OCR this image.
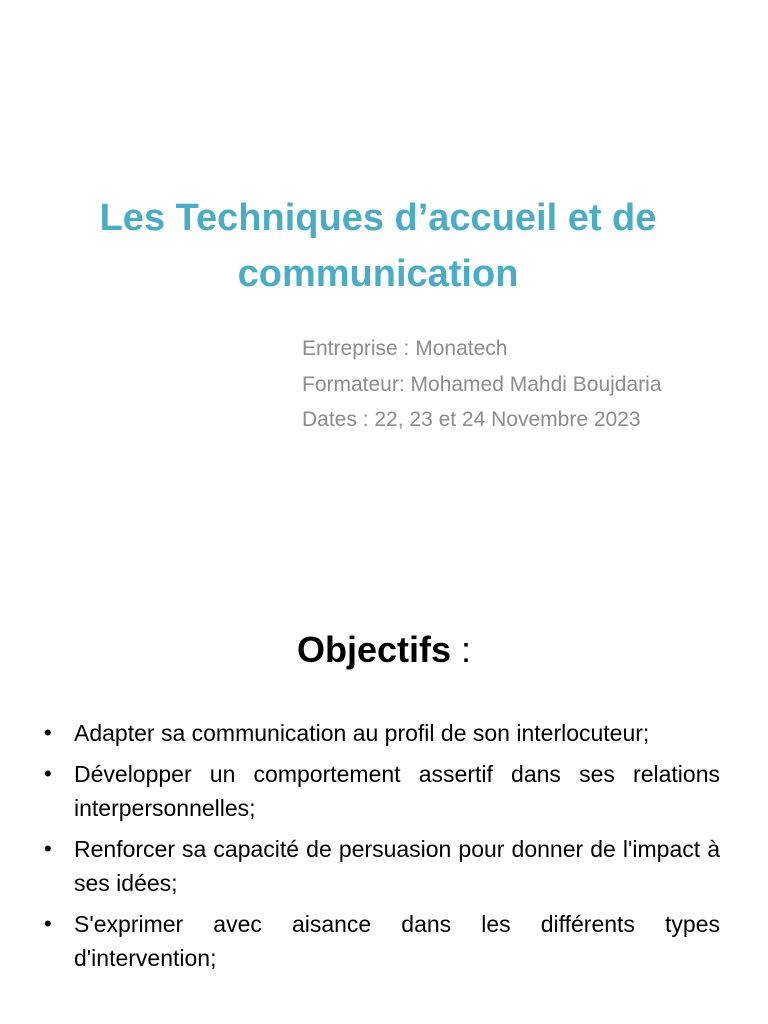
Les Techniques d’accueil et de
communication
Entreprise : Monatech
Formateur: Mohamed Mahdi Boujdaria
Dates : 22, 23 et 24 Novembre 2023
Objectifs :
• Adapter sa communication au profil de son interlocuteur;
• Développer un comportement assertif dans ses relations interpersonnelles;
• Renforcer sa capacité de persuasion pour donner de l'impact à ses idées;
• S'exprimer avec aisance dans les différents types d'intervention;
